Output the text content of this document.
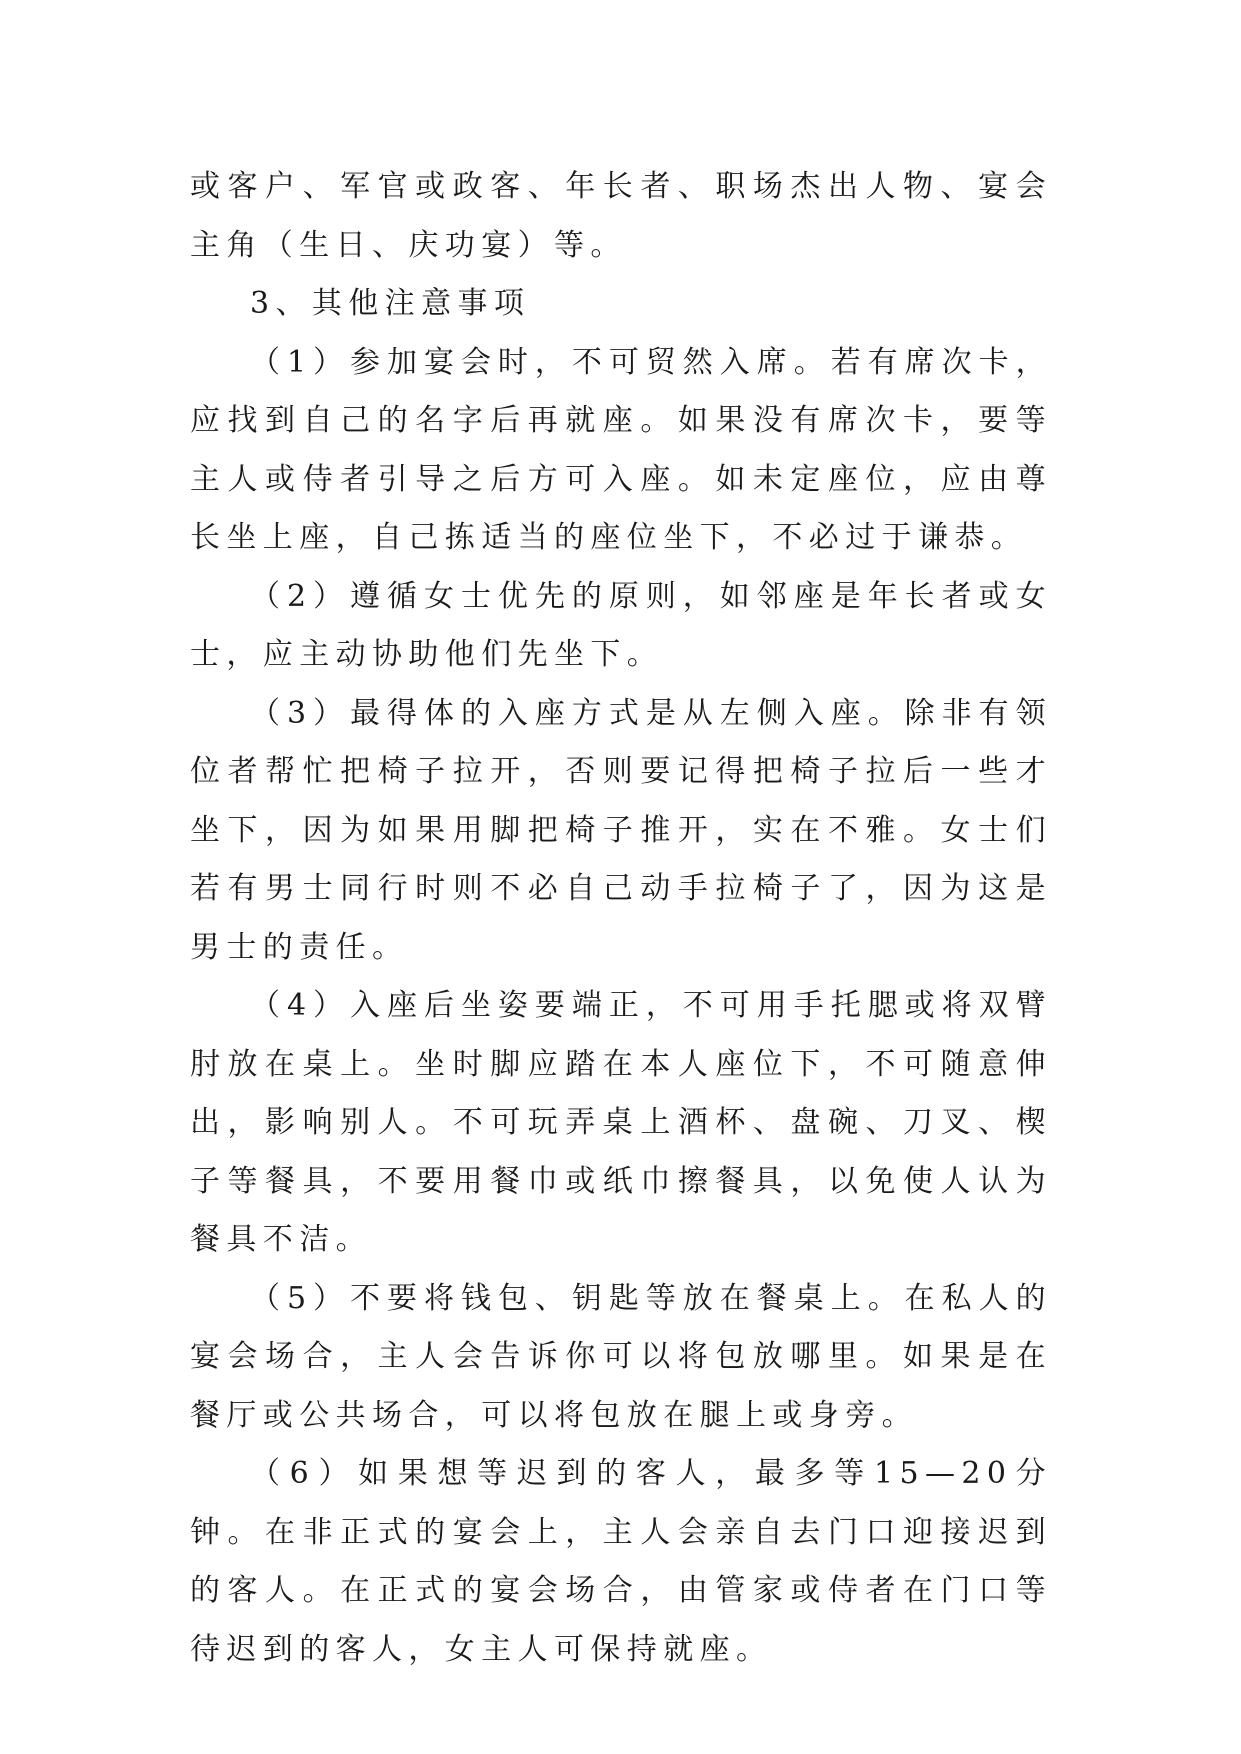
或客户、军官或政客、年长者、职场杰出人物、宴会主角（生日、庆功宴）等。

3、其他注意事项

（1）参加宴会时，不可贸然入席。若有席次卡，应找到自己的名字后再就座。如果没有席次卡，要等主人或侍者引导之后方可入座。如未定座位，应由尊长坐上座，自己拣适当的座位坐下，不必过于谦恭。

（2）遵循女士优先的原则，如邻座是年长者或女士，应主动协助他们先坐下。

（3）最得体的入座方式是从左侧入座。除非有领位者帮忙把椅子拉开，否则要记得把椅子拉后一些才坐下，因为如果用脚把椅子推开，实在不雅。女士们若有男士同行时则不必自己动手拉椅子了，因为这是男士的责任。

（4）入座后坐姿要端正，不可用手托腮或将双臂肘放在桌上。坐时脚应踏在本人座位下，不可随意伸出，影响别人。不可玩弄桌上酒杯、盘碗、刀叉、楔子等餐具，不要用餐巾或纸巾擦餐具，以免使人认为餐具不洁。

（5）不要将钱包、钥匙等放在餐桌上。在私人的宴会场合，主人会告诉你可以将包放哪里。如果是在餐厅或公共场合，可以将包放在腿上或身旁。

（6）如果想等迟到的客人，最多等15—20分钟。在非正式的宴会上，主人会亲自去门口迎接迟到的客人。在正式的宴会场合，由管家或侍者在门口等待迟到的客人，女主人可保持就座。
